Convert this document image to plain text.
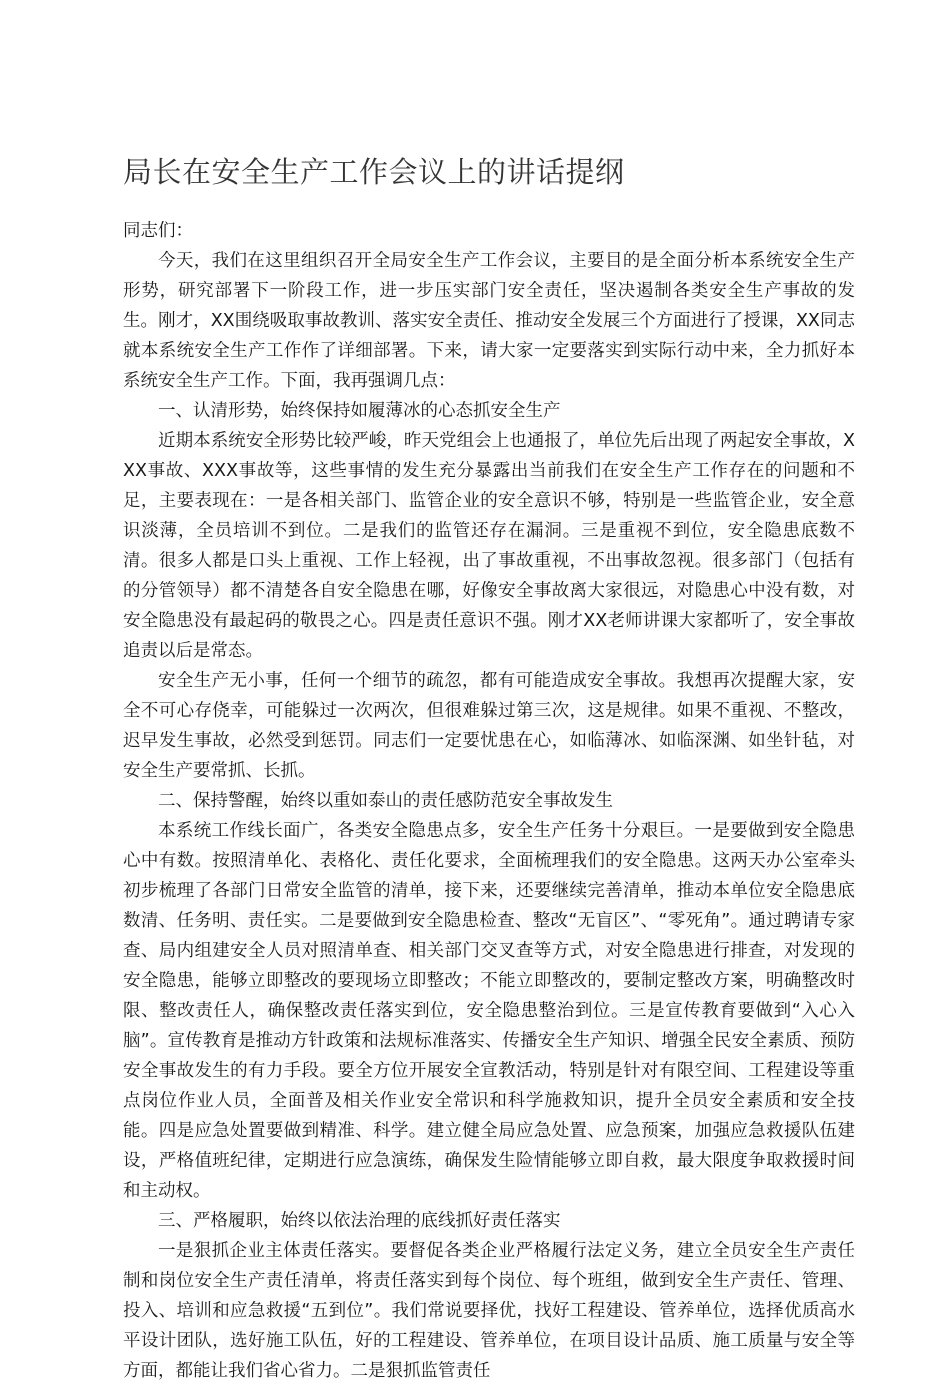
局长在安全生产工作会议上的讲话提纲

同志们：

今天，我们在这里组织召开全局安全生产工作会议，主要目的是全面分析本系统安全生产形势，研究部署下一阶段工作，进一步压实部门安全责任，坚决遏制各类安全生产事故的发生。刚才，XX围绕吸取事故教训、落实安全责任、推动安全发展三个方面进行了授课，XX同志就本系统安全生产工作作了详细部署。下来，请大家一定要落实到实际行动中来，全力抓好本系统安全生产工作。下面，我再强调几点：

一、认清形势，始终保持如履薄冰的心态抓安全生产

近期本系统安全形势比较严峻，昨天党组会上也通报了，单位先后出现了两起安全事故，XXX事故、XXX事故等，这些事情的发生充分暴露出当前我们在安全生产工作存在的问题和不足，主要表现在：一是各相关部门、监管企业的安全意识不够，特别是一些监管企业，安全意识淡薄，全员培训不到位。二是我们的监管还存在漏洞。三是重视不到位，安全隐患底数不清。很多人都是口头上重视、工作上轻视，出了事故重视，不出事故忽视。很多部门（包括有的分管领导）都不清楚各自安全隐患在哪，好像安全事故离大家很远，对隐患心中没有数，对安全隐患没有最起码的敬畏之心。四是责任意识不强。刚才XX老师讲课大家都听了，安全事故追责以后是常态。

安全生产无小事，任何一个细节的疏忽，都有可能造成安全事故。我想再次提醒大家，安全不可心存侥幸，可能躲过一次两次，但很难躲过第三次，这是规律。如果不重视、不整改，迟早发生事故，必然受到惩罚。同志们一定要忧患在心，如临薄冰、如临深渊、如坐针毡，对安全生产要常抓、长抓。

二、保持警醒，始终以重如泰山的责任感防范安全事故发生

本系统工作线长面广，各类安全隐患点多，安全生产任务十分艰巨。一是要做到安全隐患心中有数。按照清单化、表格化、责任化要求，全面梳理我们的安全隐患。这两天办公室牵头初步梳理了各部门日常安全监管的清单，接下来，还要继续完善清单，推动本单位安全隐患底数清、任务明、责任实。二是要做到安全隐患检查、整改“无盲区”、“零死角”。通过聘请专家查、局内组建安全人员对照清单查、相关部门交叉查等方式，对安全隐患进行排查，对发现的安全隐患，能够立即整改的要现场立即整改；不能立即整改的，要制定整改方案，明确整改时限、整改责任人，确保整改责任落实到位，安全隐患整治到位。三是宣传教育要做到“入心入脑”。宣传教育是推动方针政策和法规标准落实、传播安全生产知识、增强全民安全素质、预防安全事故发生的有力手段。要全方位开展安全宣教活动，特别是针对有限空间、工程建设等重点岗位作业人员，全面普及相关作业安全常识和科学施救知识，提升全员安全素质和安全技能。四是应急处置要做到精准、科学。建立健全局应急处置、应急预案，加强应急救援队伍建设，严格值班纪律，定期进行应急演练，确保发生险情能够立即自救，最大限度争取救援时间和主动权。

三、严格履职，始终以依法治理的底线抓好责任落实

一是狠抓企业主体责任落实。要督促各类企业严格履行法定义务，建立全员安全生产责任制和岗位安全生产责任清单，将责任落实到每个岗位、每个班组，做到安全生产责任、管理、投入、培训和应急救援“五到位”。我们常说要择优，找好工程建设、管养单位，选择优质高水平设计团队，选好施工队伍，好的工程建设、管养单位，在项目设计品质、施工质量与安全等方面，都能让我们省心省力。二是狠抓监管责任
